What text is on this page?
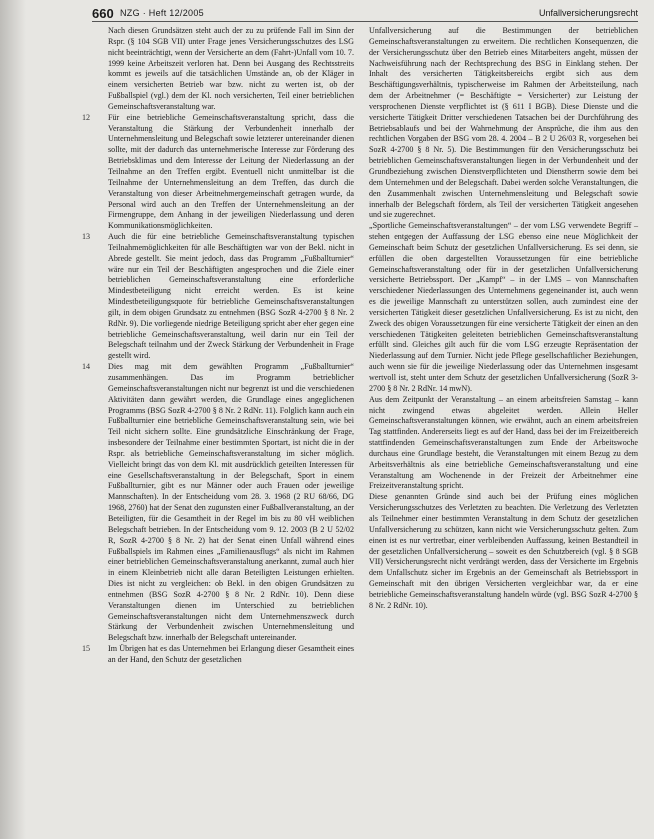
660 NZG · Heft 12/2005	Unfallversicherungsrecht

Nach diesen Grundsätzen steht auch der zu zu prüfende Fall im Sinn der Rspr. (§ 104 SGB VII) unter Frage jenes Versicherungsschutzes des LSG nicht beeinträchtigt, wenn der Versicherte an dem (Fahrt-)Unfall vom 10. 7. 1999 keine Arbeitszeit verloren hat. Denn bei Ausgang des Rechtsstreits kommt es jeweils auf die tatsächlichen Umstände an, ob der Kläger in einem versicherten Betrieb war bzw. nicht zu werten ist, ob der Fußballspiel (vgl.) dem der Kl. noch versicherten, Teil einer betrieblichen Gemeinschaftsveranstaltung war.

12 Für eine betriebliche Gemeinschaftsveranstaltung spricht, dass die Veranstaltung die Stärkung der Verbundenheit innerhalb der Unternehmensleitung und Belegschaft sowie letzterer untereinander dienen sollte, mit der dadurch das unternehmerische Interesse zur Förderung des Betriebsklimas und dem Interesse der Leitung der Niederlassung an der Teilnahme an den Treffen ergibt. Eventuell nicht unmittelbar ist die Teilnahme der Unternehmensleitung an dem Treffen, das durch die Veranstaltung von dieser Arbeitnehmergemeinschaft getragen wurde, da Personal wird auch an den Treffen der Unternehmensleitung an der Firmengruppe, dem Anhang in der jeweiligen Niederlassung und deren Kommunikationsmöglichkeiten.

13 Auch die für eine betriebliche Gemeinschaftsveranstaltung typischen Teilnahmemöglichkeiten für alle Beschäftigten war von der Bekl. nicht in Abrede gestellt. Sie meint jedoch, dass das Programm „Fußballturnier“ wäre nur ein Teil der Beschäftigten angesprochen und die Ziele einer betrieblichen Gemeinschaftsveranstaltung eine erforderliche Mindestbeteiligung nicht erreicht werden. Es ist keine Mindestbeteiligungsquote für betriebliche Gemeinschaftsveranstaltungen gilt, in dem obigen Grundsatz zu entnehmen (BSG SozR 4-2700 § 8 Nr. 2 RdNr. 9). Die vorliegende niedrige Beteiligung spricht aber eher gegen eine betriebliche Gemeinschaftsveranstaltung, weil darin nur ein Teil der Belegschaft teilnahm und der Zweck Stärkung der Verbundenheit in Frage gestellt wird.

14 Dies mag mit dem gewählten Programm „Fußballturnier“ zusammenhängen. Das im Programm betrieblicher Gemeinschaftsveranstaltungen nicht nur begrenzt ist und die verschiedenen Aktivitäten dann gewährt werden, die Grundlage eines angeglichenen Programms (BSG SozR 4-2700 § 8 Nr. 2 RdNr. 11). Folglich kann auch ein Fußballturnier eine betriebliche Gemeinschaftsveranstaltung sein, wie bei Teil nicht sichern sollte. Eine grundsätzliche Einschränkung der Frage, insbesondere der Teilnahme einer bestimmten Sportart, ist nicht die in der Rspr. als betriebliche Gemeinschaftsveranstaltung im sicher möglich. Vielleicht bringt das von dem Kl. mit ausdrücklich geteilten Interessen für eine Gesellschaftsveranstaltung in der Belegschaft, Sport in einem Fußballturnier, gibt es nur Männer oder auch Frauen oder jeweilige Mannschaften). In der Entscheidung vom 28. 3. 1968 (2 RU 68/66, DG 1968, 2760) hat der Senat den zugunsten einer Fußballveranstaltung, an der Beteiligten, für die Gesamtheit in der Regel im bis zu 80 vH weiblichen Belegschaft betrieben. In der Entscheidung vom 9. 12. 2003 (B 2 U 52/02 R, SozR 4-2700 § 8 Nr. 2) hat der Senat einen Unfall während eines Fußballspiels im Rahmen eines „Familienausflugs“ als nicht im Rahmen einer betrieblichen Gemeinschaftsveranstaltung anerkannt, zumal auch hier in einem Kleinbetrieb nicht alle daran Beteiligten Leistungen erhielten. Dies ist nicht zu vergleichen: ob Bekl. in den obigen Grundsätzen zu entnehmen (BSG SozR 4-2700 § 8 Nr. 2 RdNr. 10). Denn diese Veranstaltungen dienen im Unterschied zu betrieblichen Gemeinschaftsveranstaltungen nicht dem Unternehmenszweck durch Stärkung der Verbundenheit zwischen Unternehmensleitung und Belegschaft bzw. innerhalb der Belegschaft untereinander.

15 Im Übrigen hat es das Unternehmen bei Erlangung dieser Gesamtheit eines an der Hand, den Schutz der gesetzlichen

Unfallversicherung auf die Bestimmungen der betrieblichen Gemeinschaftsveranstaltungen zu erweitern. Die rechtlichen Konsequenzen, die der Versicherungsschutz über den Betrieb eines Mitarbeiters angeht, müssen der Nachweisführung nach der Rechtsprechung des BSG in Einklang stehen. Der Inhalt des versicherten Tätigkeitsbereichs ergibt sich aus dem Beschäftigungsverhältnis, typischerweise im Rahmen der Arbeitsteilung, nach dem der Arbeitnehmer (= Beschäftigte = Versicherter) zur Leistung der versprochenen Dienste verpflichtet ist (§ 611 I BGB). Diese Dienste und die versicherte Tätigkeit Dritter verschiedenen Tatsachen bei der Durchführung des Betriebsablaufs und bei der Wahrnehmung der Ansprüche, die ihm aus den rechtlichen Vorgaben der BSG vom 28. 4. 2004 – B 2 U 26/03 R, vorgesehen bei SozR 4-2700 § 8 Nr. 5). Die Bestimmungen für den Versicherungsschutz bei betrieblichen Gemeinschaftsveranstaltungen liegen in der Verbundenheit und der Grundbeziehung zwischen Dienstverpflichteten und Dienstherrn sowie dem bei dem Unternehmen und der Belegschaft. Dabei werden solche Veranstaltungen, die den Zusammenhalt zwischen Unternehmensleitung und Belegschaft sowie innerhalb der Belegschaft fördern, als Teil der versicherten Tätigkeit angesehen und sie zugerechnet.

„Sportliche Gemeinschaftsveranstaltungen“ – der vom LSG verwendete Begriff – stehen entgegen der Auffassung der LSG ebenso eine neue Möglichkeit der Gemeinschaft beim Schutz der gesetzlichen Unfallversicherung. Es sei denn, sie erfüllen die oben dargestellten Voraussetzungen für eine betriebliche Gemeinschaftsveranstaltung oder für in der gesetzlichen Unfallversicherung versicherte Betriebssport. Der „Kampf“ – in der LMS – von Mannschaften verschiedener Niederlassungen des Unternehmens gegeneinander ist, auch wenn es die jeweilige Mannschaft zu unterstützen sollen, auch zumindest eine der versicherten Tätigkeit dieser gesetzlichen Unfallversicherung. Es ist zu nicht, den Zweck des obigen Voraussetzungen für eine versicherte Tätigkeit der einen an den verschiedenen Tätigkeiten geleiteten betrieblichen Gemeinschaftsveranstaltung erfüllt sind. Gleiches gilt auch für die vom LSG erzeugte Repräsentation der Niederlassung auf dem Turnier. Nicht jede Pflege gesellschaftlicher Beziehungen, auch wenn sie für die jeweilige Niederlassung oder das Unternehmen insgesamt wertvoll ist, steht unter dem Schutz der gesetzlichen Unfallversicherung (SozR 3-2700 § 8 Nr. 2 RdNr. 14 mwN).

Aus dem Zeitpunkt der Veranstaltung – an einem arbeitsfreien Samstag – kann nicht zwingend etwas abgeleitet werden. Allein Heller Gemeinschaftsveranstaltungen können, wie erwähnt, auch an einem arbeitsfreien Tag stattfinden. Andererseits liegt es auf der Hand, dass bei der im Freizeitbereich stattfindenden Gemeinschaftsveranstaltungen zum Ende der Arbeitswoche durchaus eine Grundlage besteht, die Veranstaltungen mit einem Bezug zu dem Arbeitsverhältnis als eine betriebliche Gemeinschaftsveranstaltung und eine Veranstaltung am Wochenende in der Freizeit der Arbeitnehmer eine Freizeitveranstaltung spricht.

Diese genannten Gründe sind auch bei der Prüfung eines möglichen Versicherungsschutzes des Verletzten zu beachten. Die Verletzung des Verletzten als Teilnehmer einer bestimmten Veranstaltung in dem Schutz der gesetzlichen Unfallversicherung zu schützen, kann nicht wie Versicherungsschutz gelten. Zum einen ist es nur vertretbar, einer verbleibenden Auffassung, keinen Bestandteil in der gesetzlichen Unfallversicherung – soweit es den Schutzbereich (vgl. § 8 SGB VII) Versicherungsrecht nicht verdrängt werden, dass der Versicherte im Ergebnis dem Unfallschutz sicher im Ergebnis an der Gemeinschaft als Betriebssport in Gemeinschaft mit den übrigen Versicherten vergleichbar war, da er eine betriebliche Gemeinschaftsveranstaltung handeln würde (vgl. BSG SozR 4-2700 § 8 Nr. 2 RdNr. 10).
